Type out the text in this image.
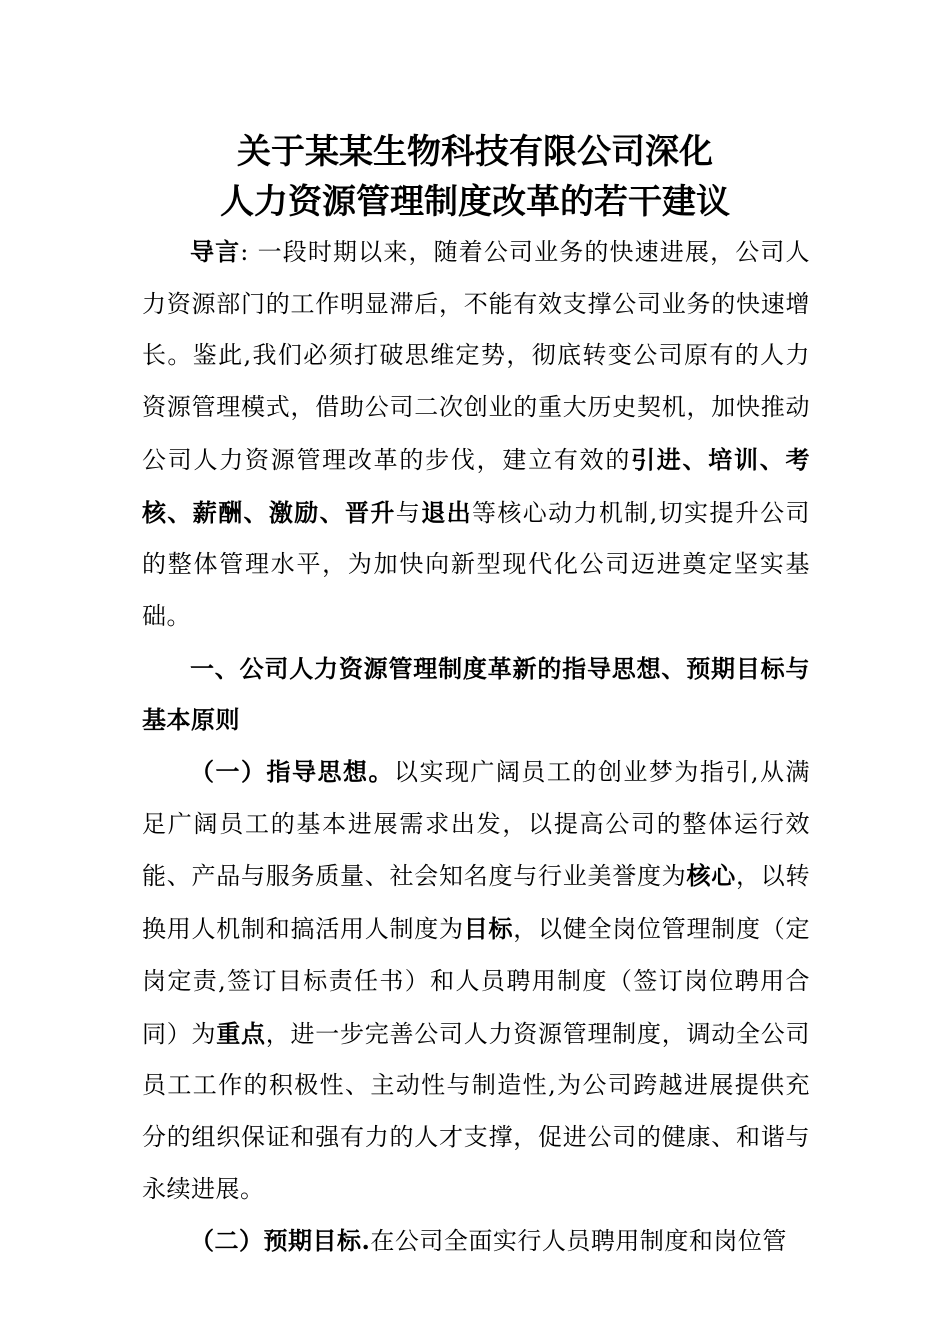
关于某某生物科技有限公司深化
人力资源管理制度改革的若干建议

导言: 一段时期以来，随着公司业务的快速进展，公司人力资源部门的工作明显滞后，不能有效支撑公司业务的快速增长。鉴此,我们必须打破思维定势，彻底转变公司原有的人力资源管理模式，借助公司二次创业的重大历史契机，加快推动公司人力资源管理改革的步伐，建立有效的引进、培训、考核、薪酬、激励、晋升与退出等核心动力机制,切实提升公司的整体管理水平，为加快向新型现代化公司迈进奠定坚实基础。

一、公司人力资源管理制度革新的指导思想、预期目标与基本原则

（一）指导思想。以实现广阔员工的创业梦为指引,从满足广阔员工的基本进展需求出发，以提高公司的整体运行效能、产品与服务质量、社会知名度与行业美誉度为核心，以转换用人机制和搞活用人制度为目标，以健全岗位管理制度（定岗定责,签订目标责任书）和人员聘用制度（签订岗位聘用合同）为重点，进一步完善公司人力资源管理制度，调动全公司员工工作的积极性、主动性与制造性,为公司跨越进展提供充分的组织保证和强有力的人才支撑，促进公司的健康、和谐与永续进展。

（二）预期目标.在公司全面实行人员聘用制度和岗位管
